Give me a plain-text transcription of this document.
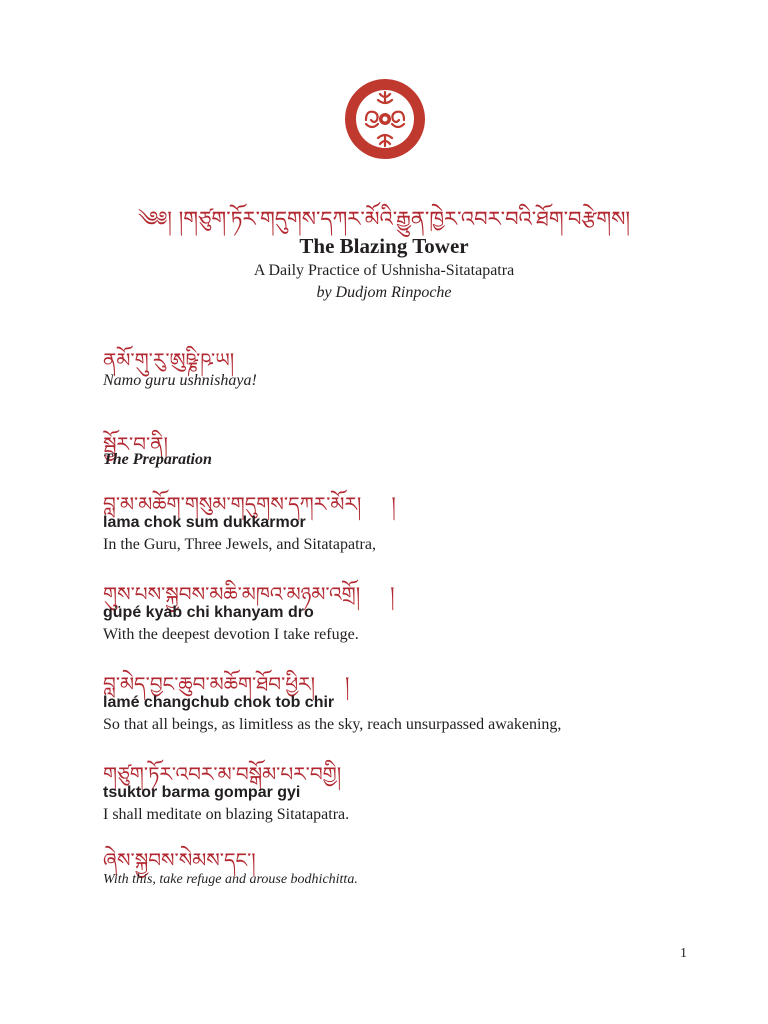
༄༅། །གཙུག་ཏོར་གདུགས་དཀར་མོའི་རྒྱུན་ཁྱེར་འབར་བའི་ཐོག་བརྩེགས།
The Blazing Tower
A Daily Practice of Ushnisha-Sitatapatra
by Dudjom Rinpoche
ནམོ་གུ་རུ་ཨུཥྞི་ཥ་ཡ།
Namo guru ushnishaya!
སྦྱོར་བ་ནི།
The Preparation
བླ་མ་མཆོག་གསུམ་གདུགས་དཀར་མོར། །
lama chok sum dukkarmor
In the Guru, Three Jewels, and Sitatapatra,
གུས་པས་སྐྱབས་མཆི་མཁའ་མཉམ་འགྲོ། །
güpé kyab chi khanyam dro
With the deepest devotion I take refuge.
བླ་མེད་བྱང་ཆུབ་མཆོག་ཐོབ་ཕྱིར། །
lamé changchub chok tob chir
So that all beings, as limitless as the sky, reach unsurpassed awakening,
གཙུག་ཏོར་འབར་མ་བསྒོམ་པར་བགྱི།
tsuktor barma gompar gyi
I shall meditate on blazing Sitatapatra.
ཞེས་སྐྱབས་སེམས་དང་།
With this, take refuge and arouse bodhichitta.
1
